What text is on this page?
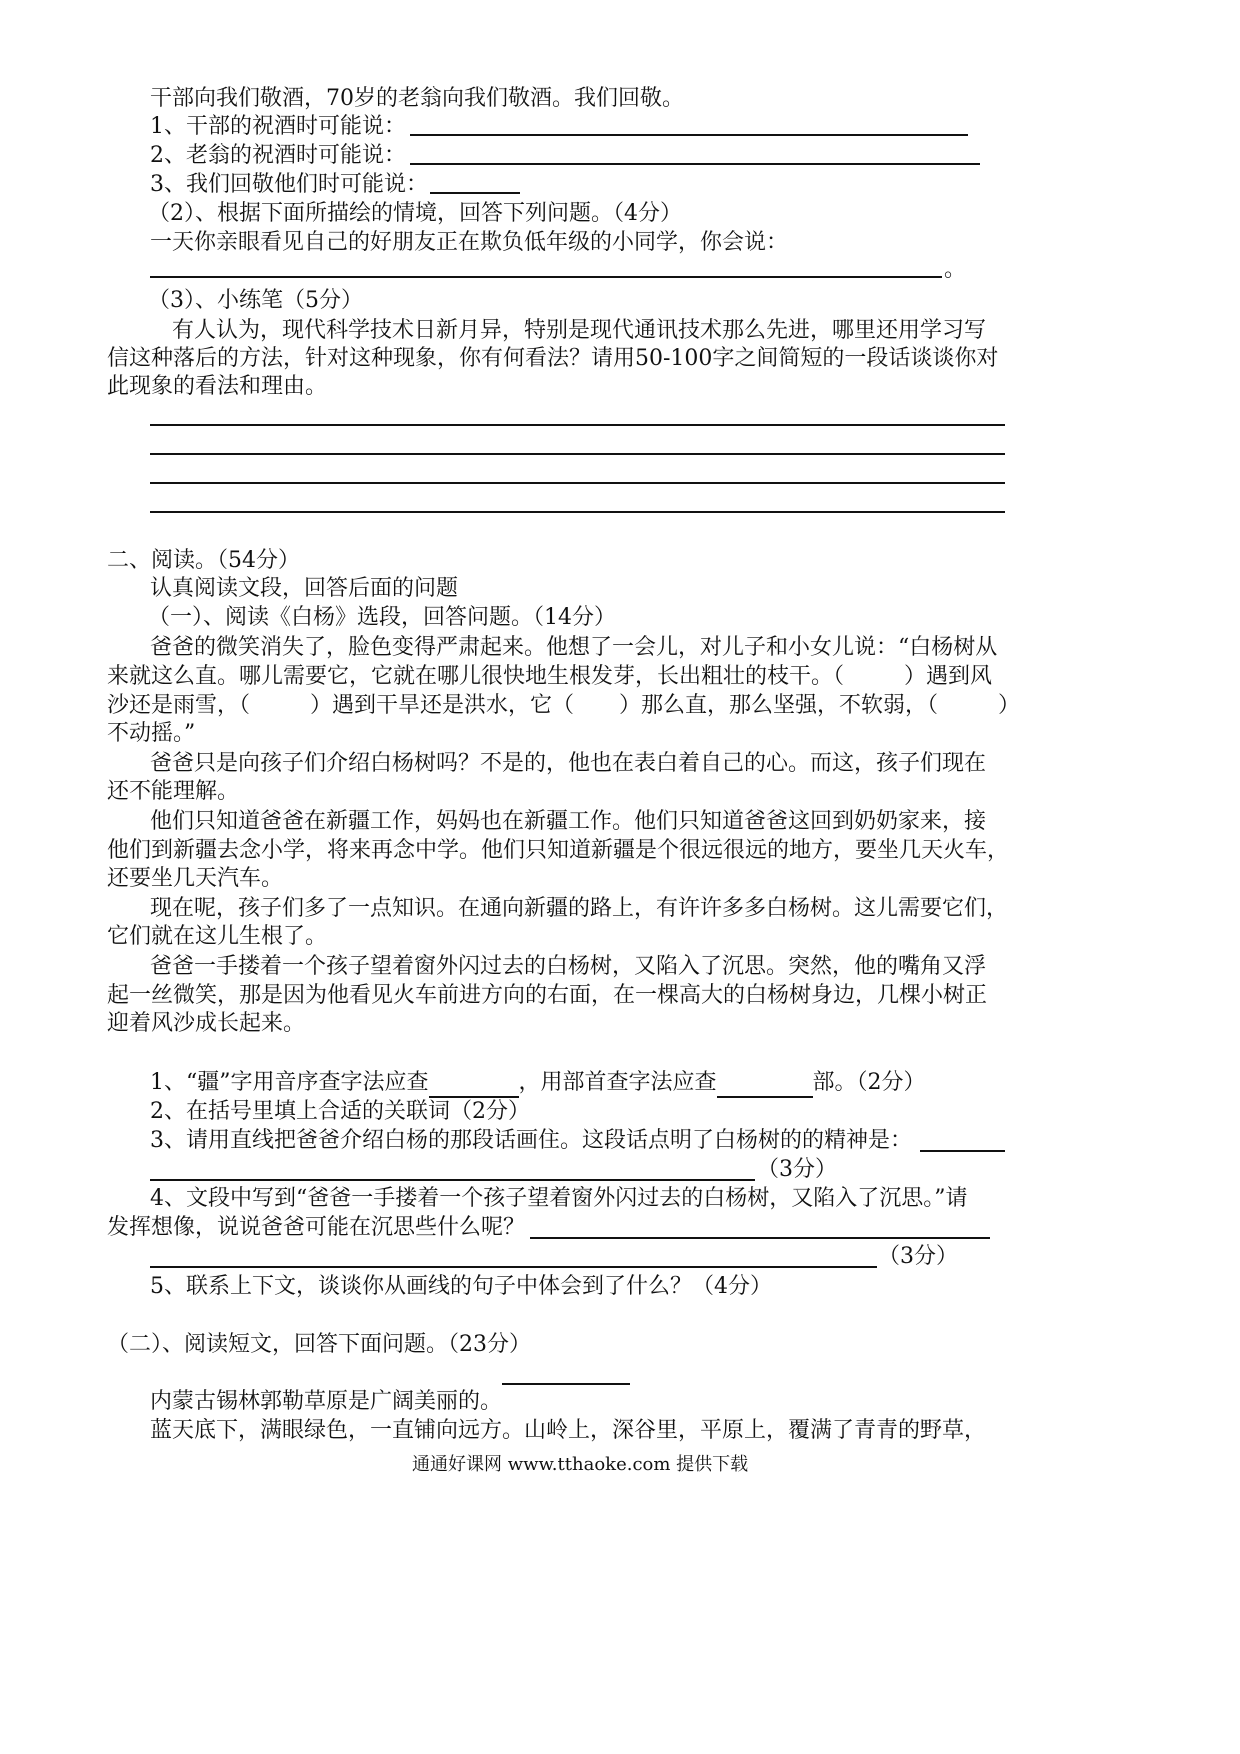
干部向我们敬酒，70岁的老翁向我们敬酒。我们回敬。
1、干部的祝酒时可能说：
2、老翁的祝酒时可能说：
3、我们回敬他们时可能说：
（2）、根据下面所描绘的情境，回答下列问题。（4分）
一天你亲眼看见自己的好朋友正在欺负低年级的小同学，你会说：
。
（3）、小练笔（5分）
有人认为，现代科学技术日新月异，特别是现代通讯技术那么先进，哪里还用学习写
信这种落后的方法，针对这种现象，你有何看法？请用50-100字之间简短的一段话谈谈你对
此现象的看法和理由。
二、阅读。（54分）
认真阅读文段，回答后面的问题
（一）、阅读《白杨》选段，回答问题。（14分）
爸爸的微笑消失了，脸色变得严肃起来。他想了一会儿，对儿子和小女儿说：“白杨树从
来就这么直。哪儿需要它，它就在哪儿很快地生根发芽，长出粗壮的枝干。（	）遇到风
沙还是雨雪，（	）遇到干旱还是洪水，它（ ）那么直，那么坚强，不软弱，（	）
不动摇。”
爸爸只是向孩子们介绍白杨树吗？不是的，他也在表白着自己的心。而这，孩子们现在
还不能理解。
他们只知道爸爸在新疆工作，妈妈也在新疆工作。他们只知道爸爸这回到奶奶家来，接
他们到新疆去念小学，将来再念中学。他们只知道新疆是个很远很远的地方，要坐几天火车，
还要坐几天汽车。
现在呢，孩子们多了一点知识。在通向新疆的路上，有许许多多白杨树。这儿需要它们，
它们就在这儿生根了。
爸爸一手搂着一个孩子望着窗外闪过去的白杨树，又陷入了沉思。突然，他的嘴角又浮
起一丝微笑，那是因为他看见火车前进方向的右面，在一棵高大的白杨树身边，几棵小树正
迎着风沙成长起来。
1、“疆”字用音序查字法应查	，用部首查字法应查	部。（2分）
2、在括号里填上合适的关联词（2分）
3、请用直线把爸爸介绍白杨的那段话画住。这段话点明了白杨树的的精神是：
（3分）
4、文段中写到“爸爸一手搂着一个孩子望着窗外闪过去的白杨树，又陷入了沉思。”请
发挥想像，说说爸爸可能在沉思些什么呢？
（3分）
5、联系上下文，谈谈你从画线的句子中体会到了什么？（4分）
（二）、阅读短文，回答下面问题。（23分）
内蒙古锡林郭勒草原是广阔美丽的。
蓝天底下，满眼绿色，一直铺向远方。山岭上，深谷里，平原上，覆满了青青的野草，
通通好课网 www.tthaoke.com 提供下载
